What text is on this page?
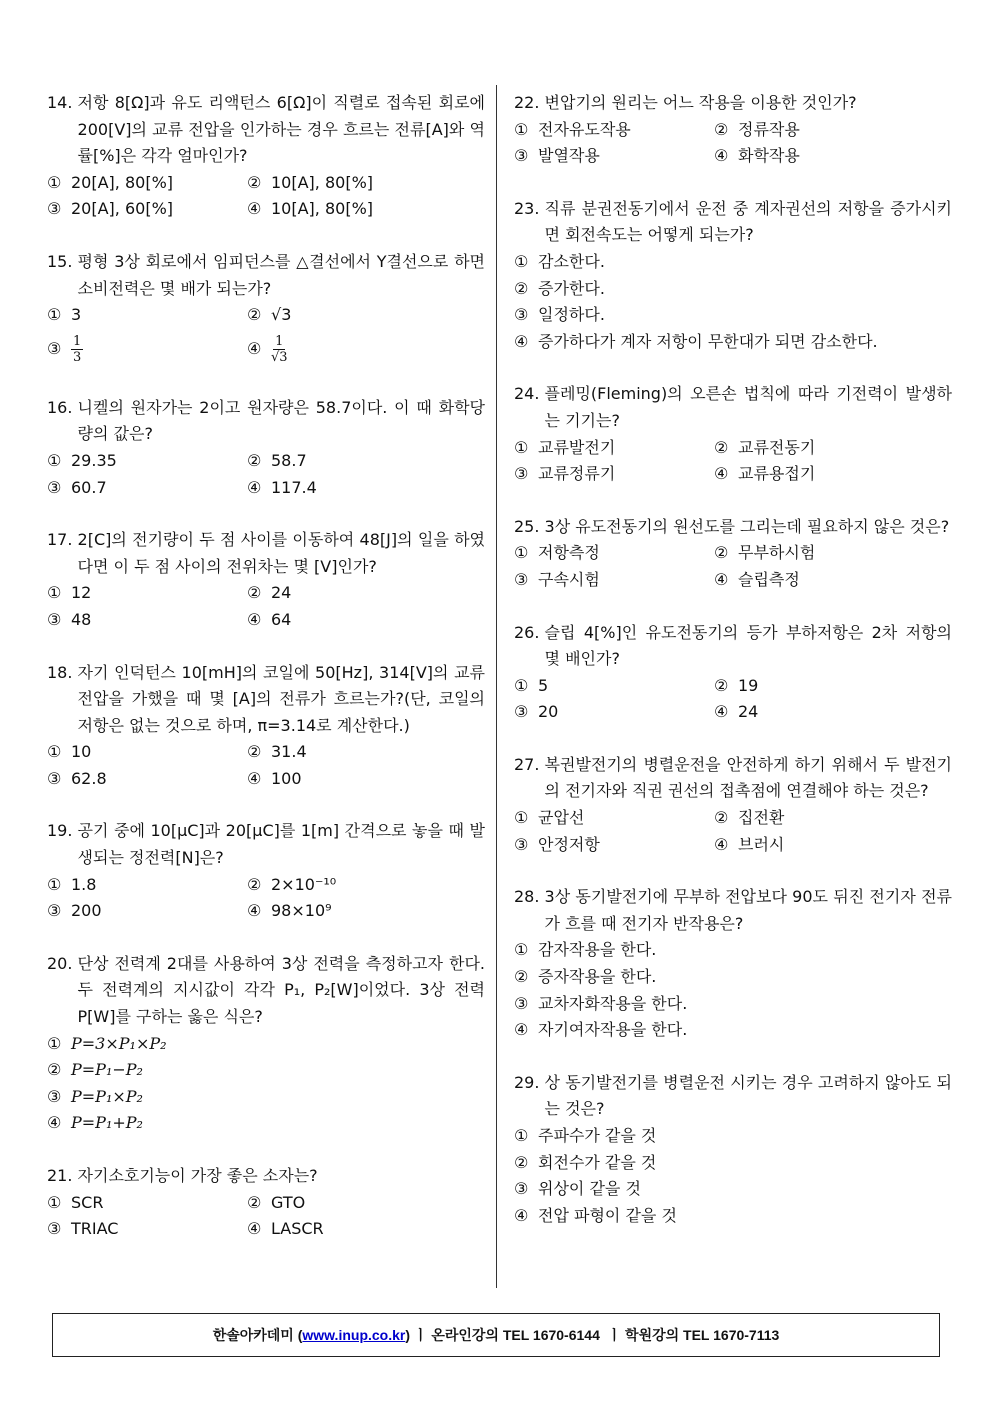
14. 저항 8[Ω]과 유도 리액턴스 6[Ω]이 직렬로 접속된 회로에 200[V]의 교류 전압을 인가하는 경우 흐르는 전류[A]와 역률[%]은 각각 얼마인가?
① 20[A], 80[%]	② 10[A], 80[%]
③ 20[A], 60[%]	④ 10[A], 80[%]
15. 평형 3상 회로에서 임피던스를 △결선에서 Y결선으로 하면 소비전력은 몇 배가 되는가?
① 3	② √3
③ $\frac{1}{3}$	④ $\frac{1}{√3}$
16. 니켈의 원자가는 2이고 원자량은 58.7이다. 이 때 화학당량의 값은?
① 29.35	② 58.7
③ 60.7	④ 117.4
17. 2[C]의 전기량이 두 점 사이를 이동하여 48[J]의 일을 하였다면 이 두 점 사이의 전위차는 몇 [V]인가?
① 12	② 24
③ 48	④ 64
18. 자기 인덕턴스 10[mH]의 코일에 50[Hz], 314[V]의 교류 전압을 가했을 때 몇 [A]의 전류가 흐르는가?(단, 코일의 저항은 없는 것으로 하며, π=3.14로 계산한다.)
① 10	② 31.4
③ 62.8	④ 100
19. 공기 중에 10[μC]과 20[μC]를 1[m] 간격으로 놓을 때 발생되는 정전력[N]은?
① 1.8	② 2×10⁻¹⁰
③ 200	④ 98×10⁹
20. 단상 전력계 2대를 사용하여 3상 전력을 측정하고자 한다. 두 전력계의 지시값이 각각 P₁, P₂[W]이었다. 3상 전력 P[W]를 구하는 옳은 식은?
① P=3×P₁×P₂
② P=P₁−P₂
③ P=P₁×P₂
④ P=P₁+P₂
21. 자기소호기능이 가장 좋은 소자는?
① SCR	② GTO
③ TRIAC	④ LASCR
22. 변압기의 원리는 어느 작용을 이용한 것인가?
① 전자유도작용	② 정류작용
③ 발열작용	④ 화학작용
23. 직류 분권전동기에서 운전 중 계자권선의 저항을 증가시키면 회전속도는 어떻게 되는가?
① 감소한다.
② 증가한다.
③ 일정하다.
④ 증가하다가 계자 저항이 무한대가 되면 감소한다.
24. 플레밍(Fleming)의 오른손 법칙에 따라 기전력이 발생하는 기기는?
① 교류발전기	② 교류전동기
③ 교류정류기	④ 교류용접기
25. 3상 유도전동기의 원선도를 그리는데 필요하지 않은 것은?
① 저항측정	② 무부하시험
③ 구속시험	④ 슬립측정
26. 슬립 4[%]인 유도전동기의 등가 부하저항은 2차 저항의 몇 배인가?
① 5	② 19
③ 20	④ 24
27. 복권발전기의 병렬운전을 안전하게 하기 위해서 두 발전기의 전기자와 직권 권선의 접촉점에 연결해야 하는 것은?
① 균압선	② 집전환
③ 안정저항	④ 브러시
28. 3상 동기발전기에 무부하 전압보다 90도 뒤진 전기자 전류가 흐를 때 전기자 반작용은?
① 감자작용을 한다.
② 증자작용을 한다.
③ 교차자화작용을 한다.
④ 자기여자작용을 한다.
29. 상 동기발전기를 병렬운전 시키는 경우 고려하지 않아도 되는 것은?
① 주파수가 같을 것
② 회전수가 같을 것
③ 위상이 같을 것
④ 전압 파형이 같을 것
한솔아카데미 ( www.inup.co.kr ) ㅣ 온라인강의 TEL 1670-6144
ㅣ 학원강의 TEL 1670-7113
